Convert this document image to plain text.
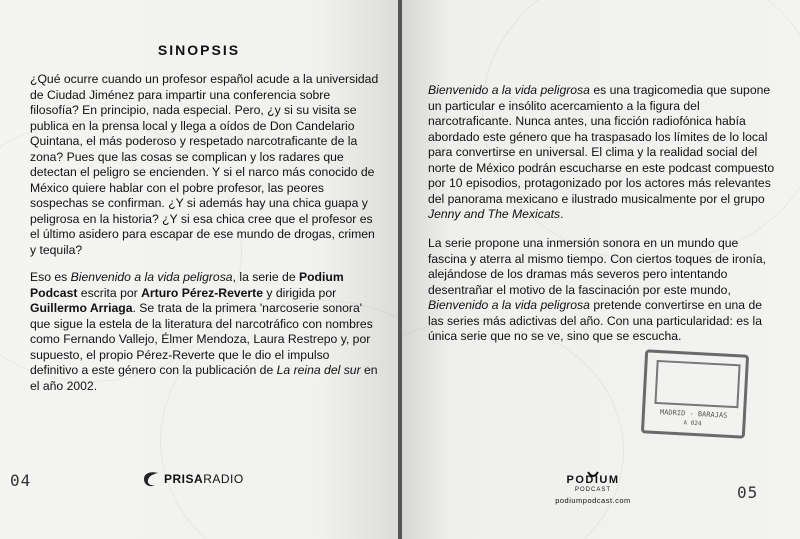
SINOPSIS
¿Qué ocurre cuando un profesor español acude a la universidad de Ciudad Jiménez para impartir una conferencia sobre filosofía? En principio, nada especial. Pero, ¿y si su visita se publica en la prensa local y llega a oídos de Don Candelario Quintana, el más poderoso y respetado narcotraficante de la zona? Pues que las cosas se complican y los radares que detectan el peligro se encienden. Y si el narco más conocido de México quiere hablar con el pobre profesor, las peores sospechas se confirman. ¿Y si además hay una chica guapa y peligrosa en la historia? ¿Y si esa chica cree que el profesor es el último asidero para escapar de ese mundo de drogas, crimen y tequila?
Eso es Bienvenido a la vida peligrosa, la serie de Podium Podcast escrita por Arturo Pérez-Reverte y dirigida por Guillermo Arriaga. Se trata de la primera 'narcoserie sonora' que sigue la estela de la literatura del narcotráfico con nombres como Fernando Vallejo, Élmer Mendoza, Laura Restrepo y, por supuesto, el propio Pérez-Reverte que le dio el impulso definitivo a este género con la publicación de La reina del sur en el año 2002.
04	PRISARADIO
Bienvenido a la vida peligrosa es una tragicomedia que supone un particular e insólito acercamiento a la figura del narcotraficante. Nunca antes, una ficción radiofónica había abordado este género que ha traspasado los límites de lo local para convertirse en universal. El clima y la realidad social del norte de México podrán escucharse en este podcast compuesto por 10 episodios, protagonizado por los actores más relevantes del panorama mexicano e ilustrado musicalmente por el grupo Jenny and The Mexicats.
La serie propone una inmersión sonora en un mundo que fascina y aterra al mismo tiempo. Con ciertos toques de ironía, alejándose de los dramas más severos pero intentando desentrañar el motivo de la fascinación por este mundo, Bienvenido a la vida peligrosa pretende convertirse en una de las series más adictivas del año. Con una particularidad: es la única serie que no se ve, sino que se escucha.
MADRID - BARAJAS
A 024
PODIUM
PODCAST
podiumpodcast.com	05
